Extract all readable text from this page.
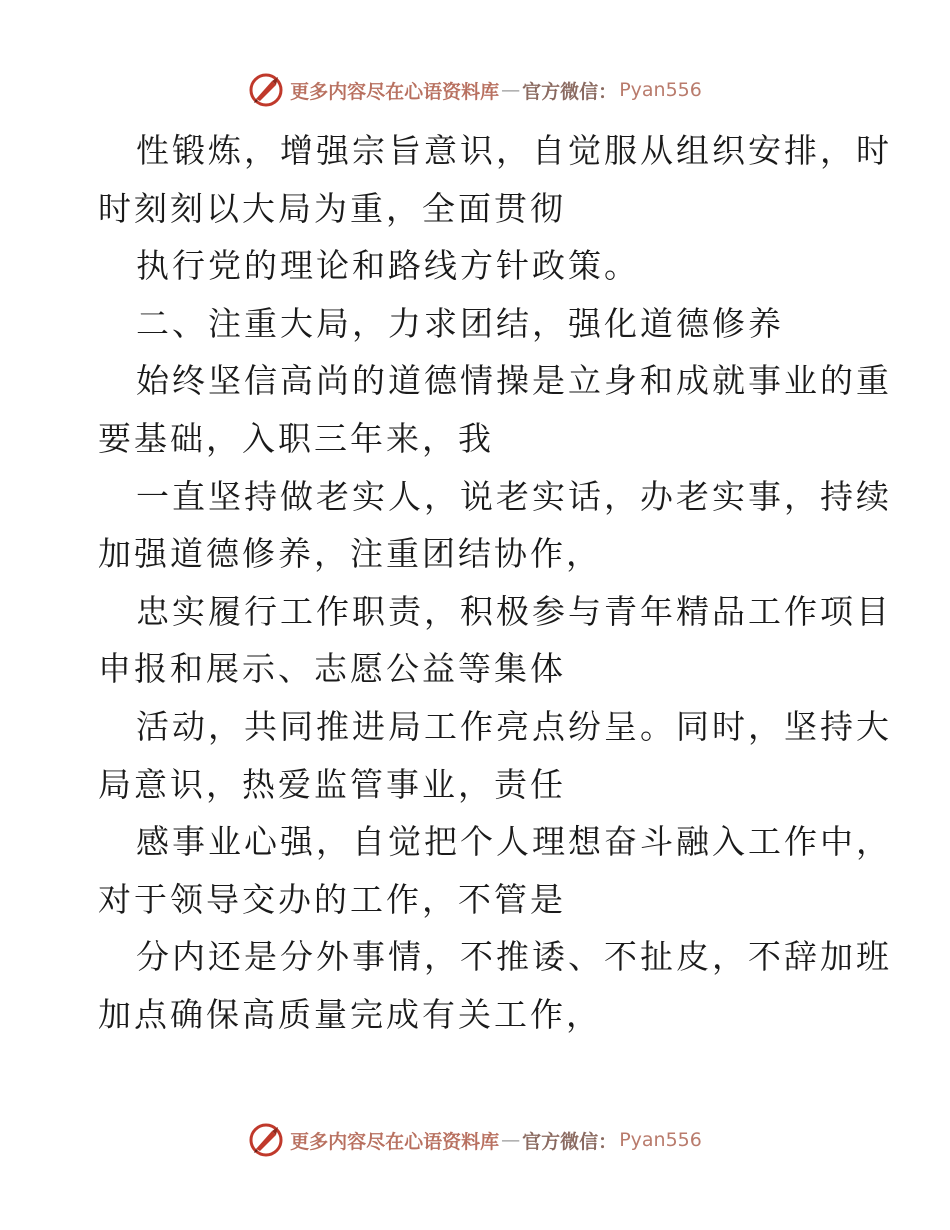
更多内容尽在心语资料库 — 官方微信： Pyan556
性锻炼，增强宗旨意识，自觉服从组织安排，时
时刻刻以大局为重，全面贯彻
执行党的理论和路线方针政策。
二、注重大局，力求团结，强化道德修养
始终坚信高尚的道德情操是立身和成就事业的重
要基础，入职三年来，我
一直坚持做老实人，说老实话，办老实事，持续
加强道德修养，注重团结协作，
忠实履行工作职责，积极参与青年精品工作项目
申报和展示、志愿公益等集体
活动，共同推进局工作亮点纷呈。同时，坚持大
局意识，热爱监管事业，责任
感事业心强，自觉把个人理想奋斗融入工作中，
对于领导交办的工作，不管是
分内还是分外事情，不推诿、不扯皮，不辞加班
加点确保高质量完成有关工作，
更多内容尽在心语资料库 — 官方微信： Pyan556
